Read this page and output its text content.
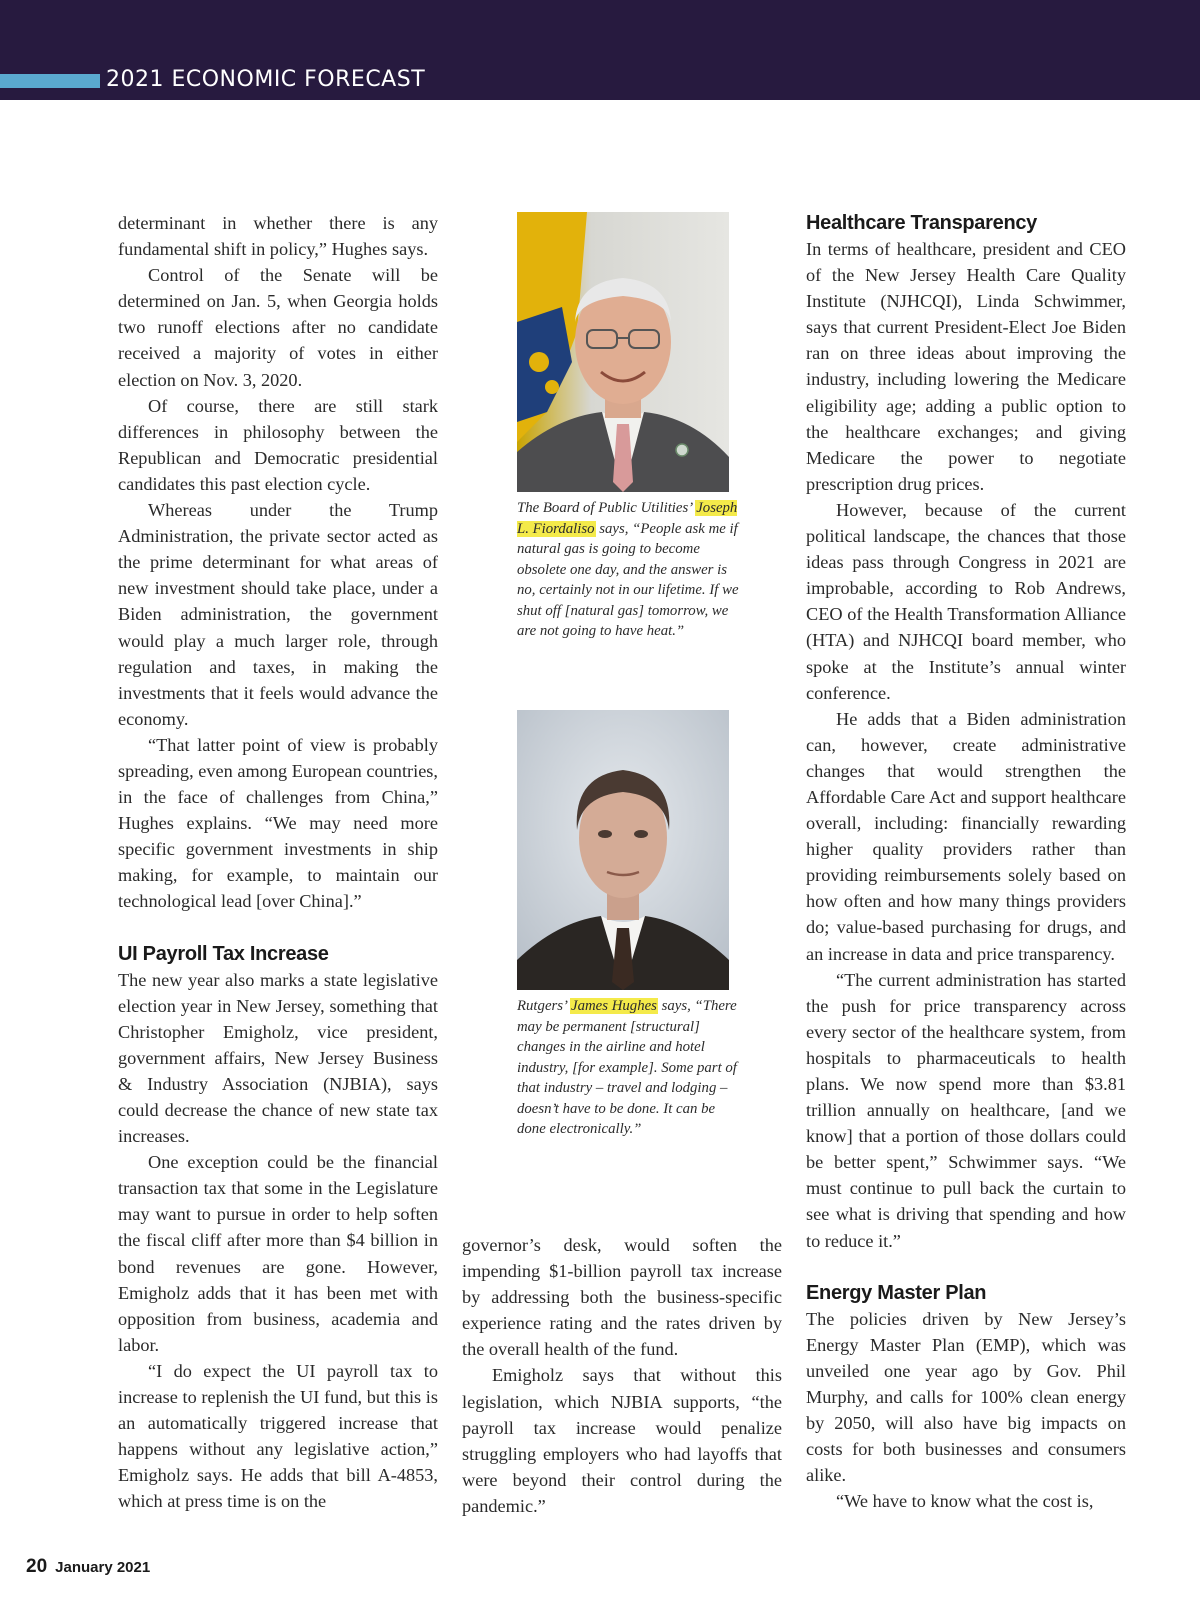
2021 ECONOMIC FORECAST

determinant in whether there is any fundamental shift in policy,” Hughes says.

Control of the Senate will be determined on Jan. 5, when Georgia holds two runoff elections after no candidate received a majority of votes in either election on Nov. 3, 2020.

Of course, there are still stark differences in philosophy between the Republican and Democratic presidential candidates this past election cycle.

Whereas under the Trump Administration, the private sector acted as the prime determinant for what areas of new investment should take place, under a Biden administration, the government would play a much larger role, through regulation and taxes, in making the investments that it feels would advance the economy.

“That latter point of view is probably spreading, even among European countries, in the face of challenges from China,” Hughes explains. “We may need more specific government investments in ship making, for example, to maintain our technological lead [over China].”

UI Payroll Tax Increase

The new year also marks a state legislative election year in New Jersey, something that Christopher Emigholz, vice president, government affairs, New Jersey Business & Industry Association (NJBIA), says could decrease the chance of new state tax increases.

One exception could be the financial transaction tax that some in the Legislature may want to pursue in order to help soften the fiscal cliff after more than $4 billion in bond revenues are gone. However, Emigholz adds that it has been met with opposition from business, academia and labor.

“I do expect the UI payroll tax to increase to replenish the UI fund, but this is an automatically triggered increase that happens without any legislative action,” Emigholz says. He adds that bill A-4853, which at press time is on the

The Board of Public Utilities’ Joseph L. Fiordaliso says, “People ask me if natural gas is going to become obsolete one day, and the answer is no, certainly not in our lifetime. If we shut off [natural gas] tomorrow, we are not going to have heat.”
Rutgers’ James Hughes says, “There may be permanent [structural] changes in the airline and hotel industry, [for example]. Some part of that industry – travel and lodging – doesn’t have to be done. It can be done electronically.”

governor’s desk, would soften the impending $1-billion payroll tax increase by addressing both the business-specific experience rating and the rates driven by the overall health of the fund.

Emigholz says that without this legislation, which NJBIA supports, “the payroll tax increase would penalize struggling employers who had layoffs that were beyond their control during the pandemic.”

Healthcare Transparency

In terms of healthcare, president and CEO of the New Jersey Health Care Quality Institute (NJHCQI), Linda Schwimmer, says that current President-Elect Joe Biden ran on three ideas about improving the industry, including lowering the Medicare eligibility age; adding a public option to the healthcare exchanges; and giving Medicare the power to negotiate prescription drug prices.

However, because of the current political landscape, the chances that those ideas pass through Congress in 2021 are improbable, according to Rob Andrews, CEO of the Health Transformation Alliance (HTA) and NJHCQI board member, who spoke at the Institute’s annual winter conference.

He adds that a Biden administration can, however, create administrative changes that would strengthen the Affordable Care Act and support healthcare overall, including: financially rewarding higher quality providers rather than providing reimbursements solely based on how often and how many things providers do; value-based purchasing for drugs, and an increase in data and price transparency.

“The current administration has started the push for price transparency across every sector of the healthcare system, from hospitals to pharmaceuticals to health plans. We now spend more than $3.81 trillion annually on healthcare, [and we know] that a portion of those dollars could be better spent,” Schwimmer says. “We must continue to pull back the curtain to see what is driving that spending and how to reduce it.”

Energy Master Plan

The policies driven by New Jersey’s Energy Master Plan (EMP), which was unveiled one year ago by Gov. Phil Murphy, and calls for 100% clean energy by 2050, will also have big impacts on costs for both businesses and consumers alike.

“We have to know what the cost is,

20 January 2021
